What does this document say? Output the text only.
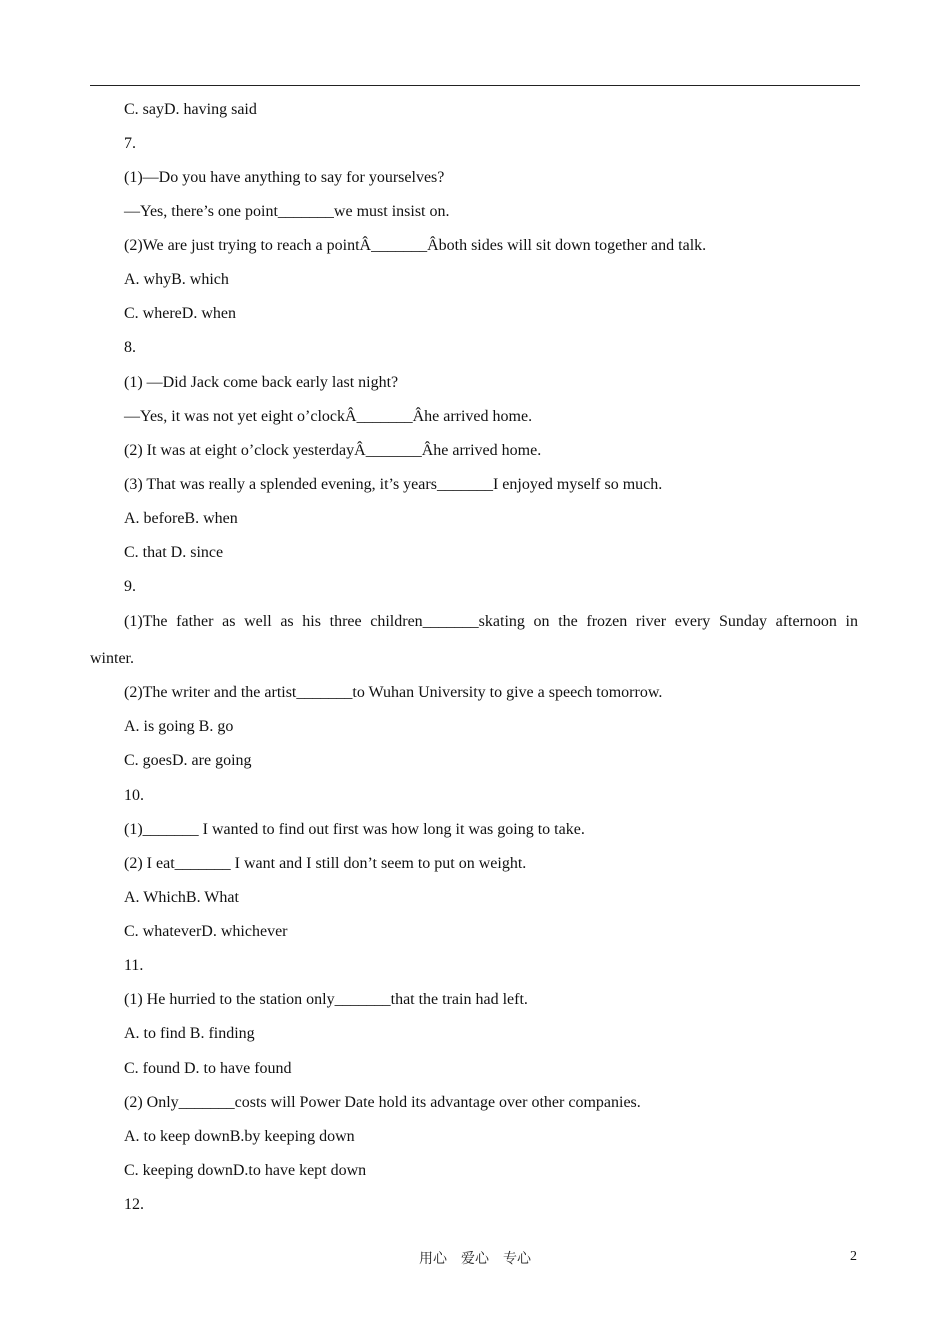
C. sayD. having said
7.
(1)—Do you have anything to say for yourselves?
—Yes, there’s one point_______we must insist on.
(2)We are just trying to reach a pointÂ_______Âboth sides will sit down together and talk.
A. whyB. which
C. whereD. when
8.
(1) —Did Jack come back early last night?
—Yes, it was not yet eight o’clockÂ_______Âhe arrived home.
(2) It was at eight o’clock yesterdayÂ_______Âhe arrived home.
(3) That was really a splended evening, it’s years_______I enjoyed myself so much.
A. beforeB. when
C. that D. since
9.
(1)The father as well as his three children_______skating on the frozen river every Sunday afternoon in
winter.
(2)The writer and the artist_______to Wuhan University to give a speech tomorrow.
A. is going B. go
C. goesD. are going
10.
(1)_______ I wanted to find out first was how long it was going to take.
(2) I eat_______ I want and I still don’t seem to put on weight.
A. WhichB. What
C. whateverD. whichever
11.
(1) He hurried to the station only_______that the train had left.
A. to find B. finding
C. found D. to have found
(2) Only_______costs will Power Date hold its advantage over other companies.
A. to keep downB.by keeping down
C. keeping downD.to have kept down
12.
用心　爱心　专心	2
